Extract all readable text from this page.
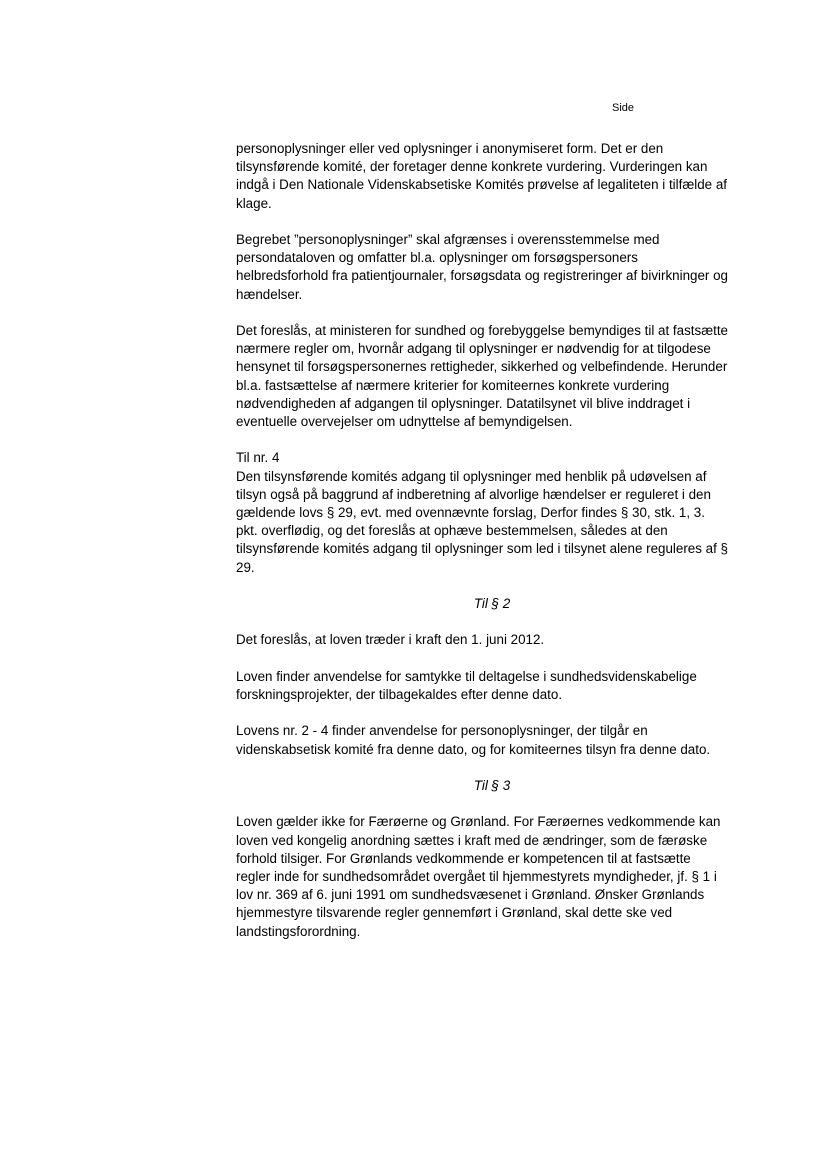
Side
personoplysninger eller ved oplysninger i anonymiseret form. Det er den
tilsynsførende komité, der foretager denne konkrete vurdering. Vurderingen kan
indgå i Den Nationale Videnskabsetiske Komités prøvelse af legaliteten i tilfælde af
klage.
Begrebet ”personoplysninger” skal afgrænses i overensstemmelse med
persondataloven og omfatter bl.a. oplysninger om forsøgspersoners
helbredsforhold fra patientjournaler, forsøgsdata og registreringer af bivirkninger og
hændelser.
Det foreslås, at ministeren for sundhed og forebyggelse bemyndiges til at fastsætte
nærmere regler om, hvornår adgang til oplysninger er nødvendig for at tilgodese
hensynet til forsøgspersonernes rettigheder, sikkerhed og velbefindende. Herunder
bl.a. fastsættelse af nærmere kriterier for komiteernes konkrete vurdering
nødvendigheden af adgangen til oplysninger. Datatilsynet vil blive inddraget i
eventuelle overvejelser om udnyttelse af bemyndigelsen.
Til nr. 4
Den tilsynsførende komités adgang til oplysninger med henblik på udøvelsen af
tilsyn også på baggrund af indberetning af alvorlige hændelser er reguleret i den
gældende lovs § 29, evt. med ovennævnte forslag, Derfor findes § 30, stk. 1, 3.
pkt. overflødig, og det foreslås at ophæve bestemmelsen, således at den
tilsynsførende komités adgang til oplysninger som led i tilsynet alene reguleres af §
29.
Til § 2
Det foreslås, at loven træder i kraft den 1. juni 2012.
Loven finder anvendelse for samtykke til deltagelse i sundhedsvidenskabelige
forskningsprojekter, der tilbagekaldes efter denne dato.
Lovens nr. 2 - 4 finder anvendelse for personoplysninger, der tilgår en
videnskabsetisk komité fra denne dato, og for komiteernes tilsyn fra denne dato.
Til § 3
Loven gælder ikke for Færøerne og Grønland. For Færøernes vedkommende kan
loven ved kongelig anordning sættes i kraft med de ændringer, som de færøske
forhold tilsiger. For Grønlands vedkommende er kompetencen til at fastsætte
regler inde for sundhedsområdet overgået til hjemmestyrets myndigheder, jf. § 1 i
lov nr. 369 af 6. juni 1991 om sundhedsvæsenet i Grønland. Ønsker Grønlands
hjemmestyre tilsvarende regler gennemført i Grønland, skal dette ske ved
landstingsforordning.
